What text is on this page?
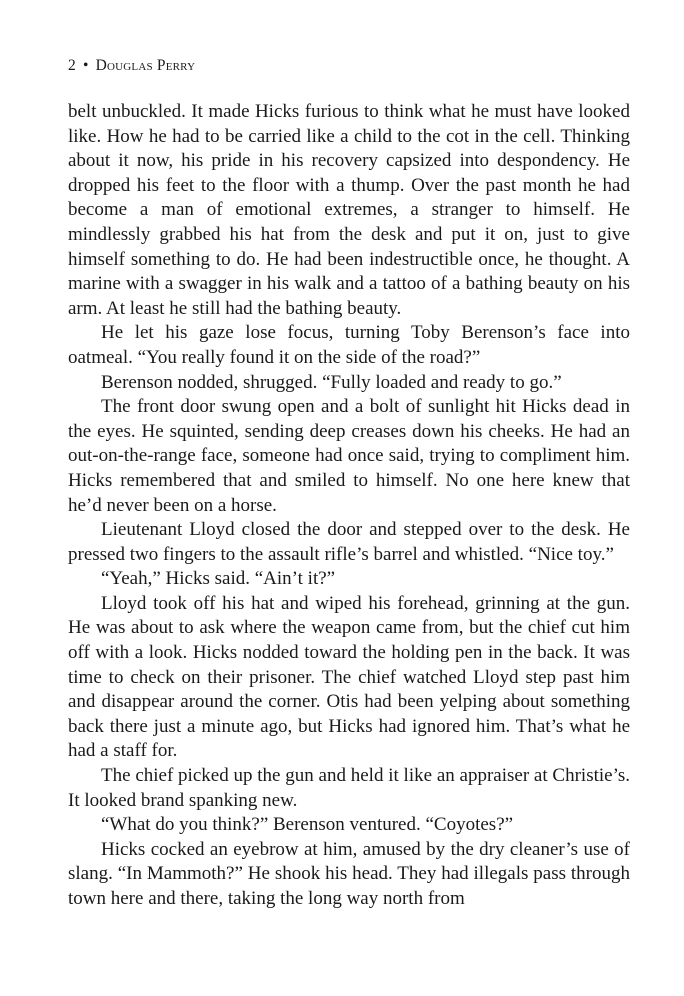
2 • Douglas Perry

belt unbuckled. It made Hicks furious to think what he must have looked like. How he had to be carried like a child to the cot in the cell. Thinking about it now, his pride in his recovery capsized into despondency. He dropped his feet to the floor with a thump. Over the past month he had become a man of emotional extremes, a stranger to himself. He mindlessly grabbed his hat from the desk and put it on, just to give himself something to do. He had been indestructible once, he thought. A marine with a swagger in his walk and a tattoo of a bathing beauty on his arm. At least he still had the bathing beauty.

He let his gaze lose focus, turning Toby Berenson’s face into oatmeal. “You really found it on the side of the road?”

Berenson nodded, shrugged. “Fully loaded and ready to go.”

The front door swung open and a bolt of sunlight hit Hicks dead in the eyes. He squinted, sending deep creases down his cheeks. He had an out-on-the-range face, someone had once said, trying to compliment him. Hicks remembered that and smiled to himself. No one here knew that he’d never been on a horse.

Lieutenant Lloyd closed the door and stepped over to the desk. He pressed two fingers to the assault rifle’s barrel and whistled. “Nice toy.”

“Yeah,” Hicks said. “Ain’t it?”

Lloyd took off his hat and wiped his forehead, grinning at the gun. He was about to ask where the weapon came from, but the chief cut him off with a look. Hicks nodded toward the holding pen in the back. It was time to check on their prisoner. The chief watched Lloyd step past him and disappear around the corner. Otis had been yelping about something back there just a minute ago, but Hicks had ignored him. That’s what he had a staff for.

The chief picked up the gun and held it like an appraiser at Christie’s. It looked brand spanking new.

“What do you think?” Berenson ventured. “Coyotes?”

Hicks cocked an eyebrow at him, amused by the dry cleaner’s use of slang. “In Mammoth?” He shook his head. They had illegals pass through town here and there, taking the long way north from
